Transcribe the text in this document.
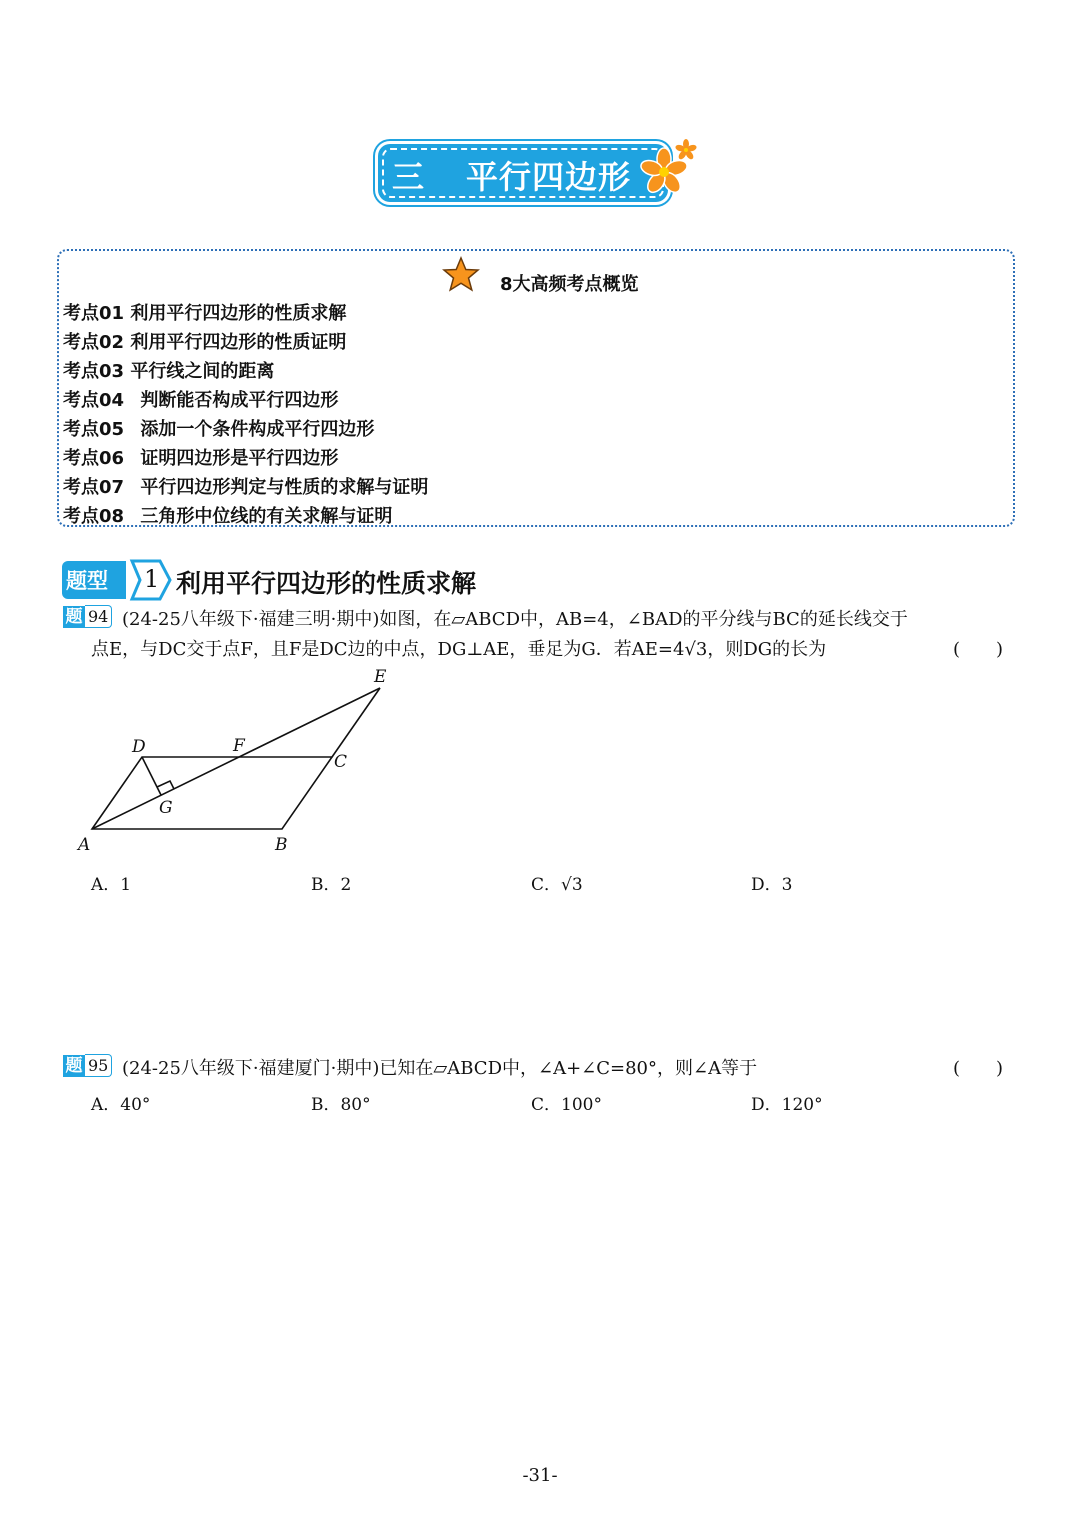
三 平行四边形
8大高频考点概览
考点01 利用平行四边形的性质求解
考点02 利用平行四边形的性质证明
考点03 平行线之间的距离
考点04 判断能否构成平行四边形
考点05 添加一个条件构成平行四边形
考点06 证明四边形是平行四边形
考点07 平行四边形判定与性质的求解与证明
考点08 三角形中位线的有关求解与证明
题型 1 利用平行四边形的性质求解
题 94 (24-25八年级下·福建三明·期中)如图，在▱ABCD中，AB=4，∠BAD的平分线与BC的延长线交于
点E，与DC交于点F，且F是DC边的中点，DG⊥AE，垂足为G．若AE=4√3，则DG的长为	(　　)
A	B
C
D
E
F
G
A．1	B．2	C．√3	D．3
题 95 (24-25八年级下·福建厦门·期中)已知在▱ABCD中，∠A+∠C=80°，则∠A等于	(　　)
A．40°	B．80°	C．100°	D．120°
-31-
